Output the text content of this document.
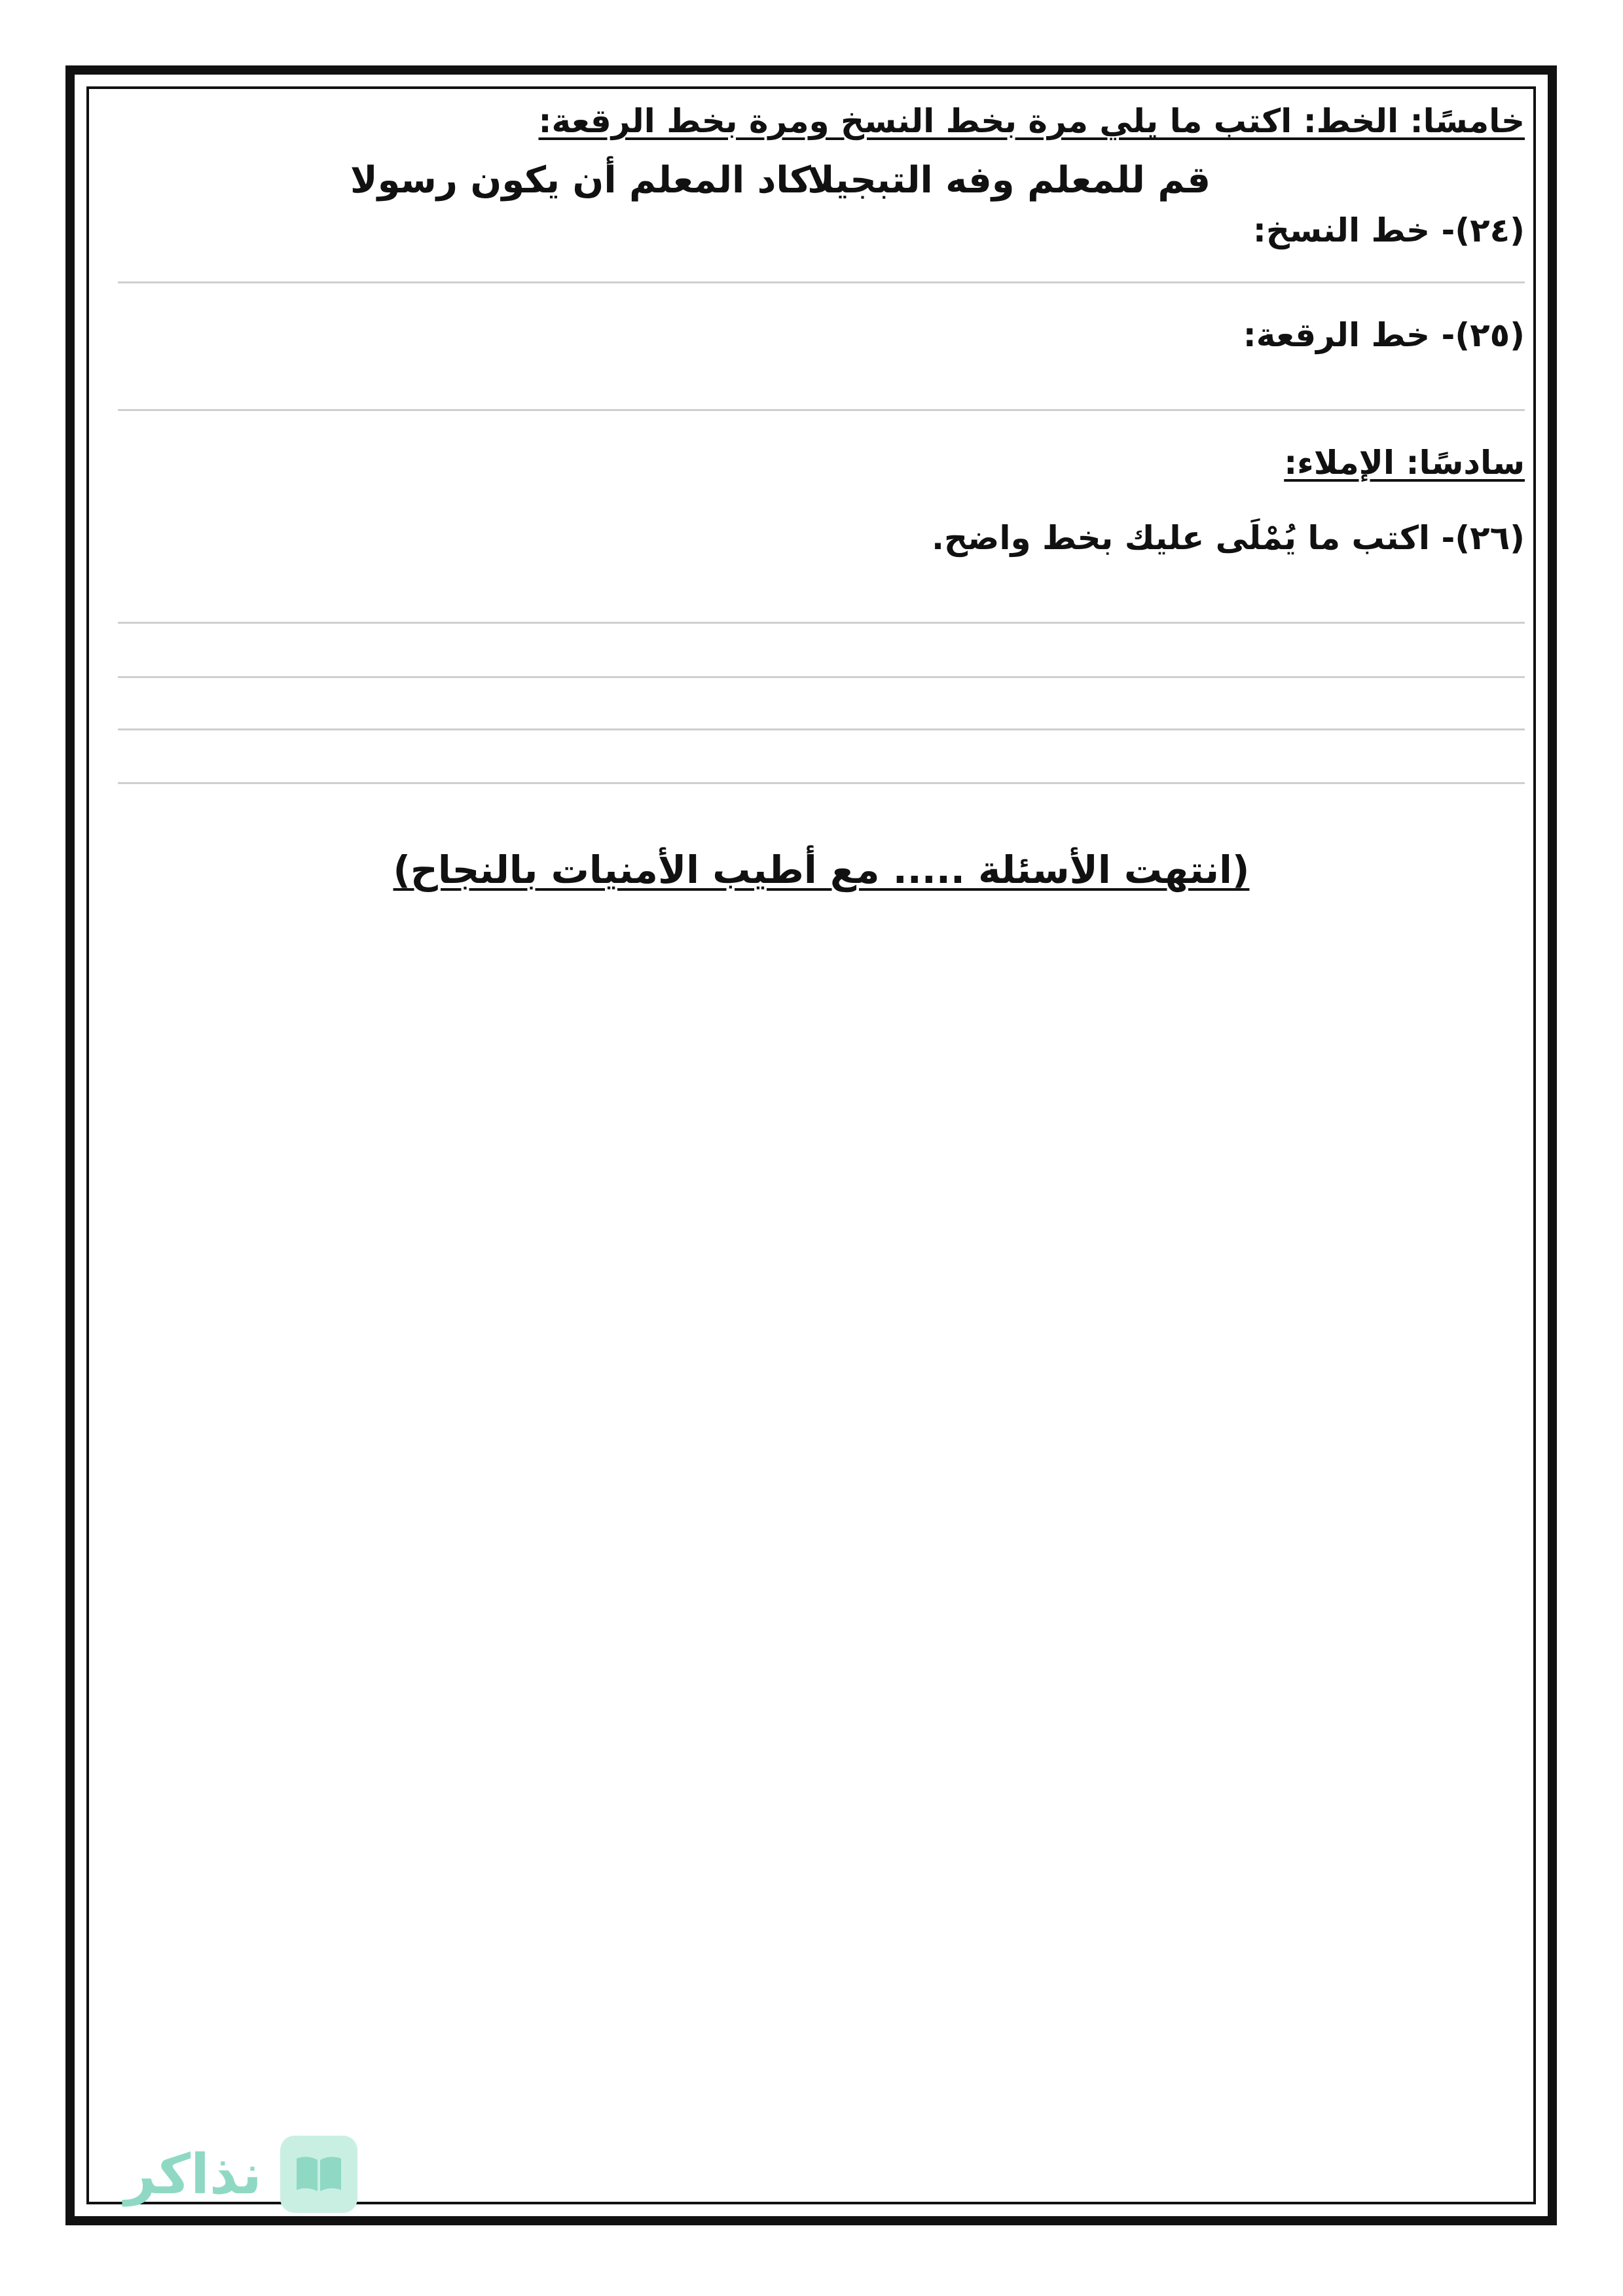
خامسًا: الخط: اكتب ما يلي مرة بخط النسخ ومرة بخط الرقعة:
قم للمعلم وفه التبجيلا
كاد المعلم أن يكون رسولا
(٢٤)- خط النسخ:
(٢٥)- خط الرقعة:
سادسًا: الإملاء:
(٢٦)- اكتب ما يُمْلَى عليك بخط واضح.
(انتهت الأسئلة ..... مع أطيب الأمنيات بالنجاح)
نذاكر
